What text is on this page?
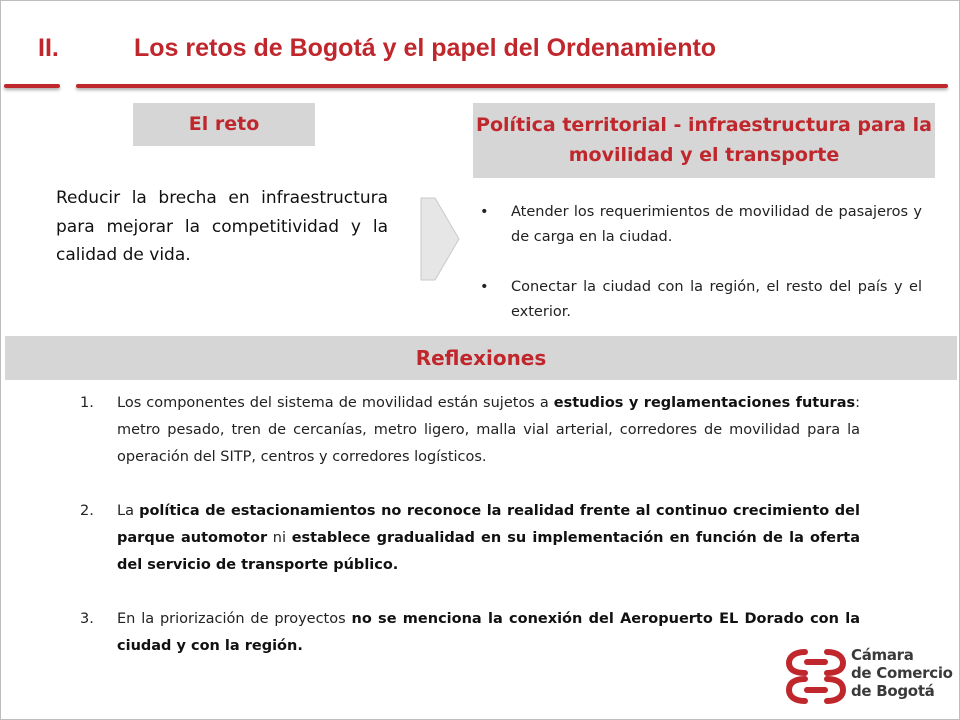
II.	Los retos de Bogotá y el papel del Ordenamiento
El reto	Política territorial - infraestructura para la movilidad y el transporte
Reducir la brecha en infraestructura para mejorar la competitividad y la calidad de vida.
• Atender los requerimientos de movilidad de pasajeros y de carga en la ciudad.
• Conectar la ciudad con la región, el resto del país y el exterior.
Reflexiones
1. Los componentes del sistema de movilidad están sujetos a estudios y reglamentaciones futuras: metro pesado, tren de cercanías, metro ligero, malla vial arterial, corredores de movilidad para la operación del SITP, centros y corredores logísticos.
2. La política de estacionamientos no reconoce la realidad frente al continuo crecimiento del parque automotor ni establece gradualidad en su implementación en función de la oferta del servicio de transporte público.
3. En la priorización de proyectos no se menciona la conexión del Aeropuerto EL Dorado con la ciudad y con la región.	Cámara
de Comercio
de Bogotá
